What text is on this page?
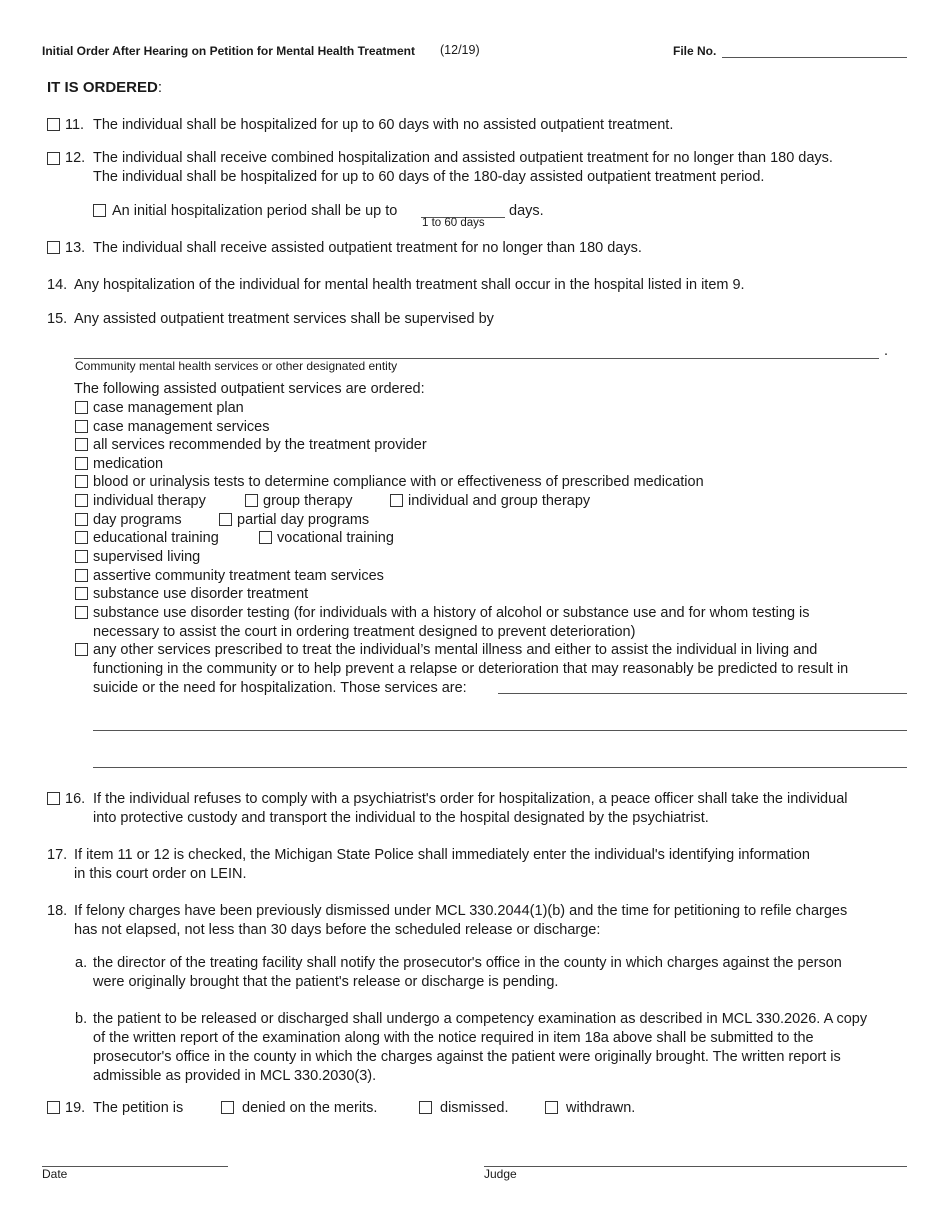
Initial Order After Hearing on Petition for Mental Health Treatment (12/19)	File No.
IT IS ORDERED:
11. The individual shall be hospitalized for up to 60 days with no assisted outpatient treatment.
12. The individual shall receive combined hospitalization and assisted outpatient treatment for no longer than 180 days.
The individual shall be hospitalized for up to 60 days of the 180-day assisted outpatient treatment period.
An initial hospitalization period shall be up to	days.
1 to 60 days
13. The individual shall receive assisted outpatient treatment for no longer than 180 days.
14. Any hospitalization of the individual for mental health treatment shall occur in the hospital listed in item 9.
15. Any assisted outpatient treatment services shall be supervised by
.
Community mental health services or other designated entity
The following assisted outpatient services are ordered:
case management plan
case management services
all services recommended by the treatment provider
medication
blood or urinalysis tests to determine compliance with or effectiveness of prescribed medication
individual therapy	group therapy	individual and group therapy
day programs	partial day programs
educational training	vocational training
supervised living
assertive community treatment team services
substance use disorder treatment
substance use disorder testing (for individuals with a history of alcohol or substance use and for whom testing is
necessary to assist the court in ordering treatment designed to prevent deterioration)
any other services prescribed to treat the individual’s mental illness and either to assist the individual in living and
functioning in the community or to help prevent a relapse or deterioration that may reasonably be predicted to result in
suicide or the need for hospitalization. Those services are:
16. If the individual refuses to comply with a psychiatrist's order for hospitalization, a peace officer shall take the individual
into protective custody and transport the individual to the hospital designated by the psychiatrist.
17. If item 11 or 12 is checked, the Michigan State Police shall immediately enter the individual's identifying information
in this court order on LEIN.
18. If felony charges have been previously dismissed under MCL 330.2044(1)(b) and the time for petitioning to refile charges
has not elapsed, not less than 30 days before the scheduled release or discharge:
a. the director of the treating facility shall notify the prosecutor's office in the county in which charges against the person
were originally brought that the patient's release or discharge is pending.
b. the patient to be released or discharged shall undergo a competency examination as described in MCL 330.2026. A copy
of the written report of the examination along with the notice required in item 18a above shall be submitted to the
prosecutor's office in the county in which the charges against the patient were originally brought. The written report is
admissible as provided in MCL 330.2030(3).
19. The petition is	denied on the merits.	dismissed.	withdrawn.
Date	Judge
